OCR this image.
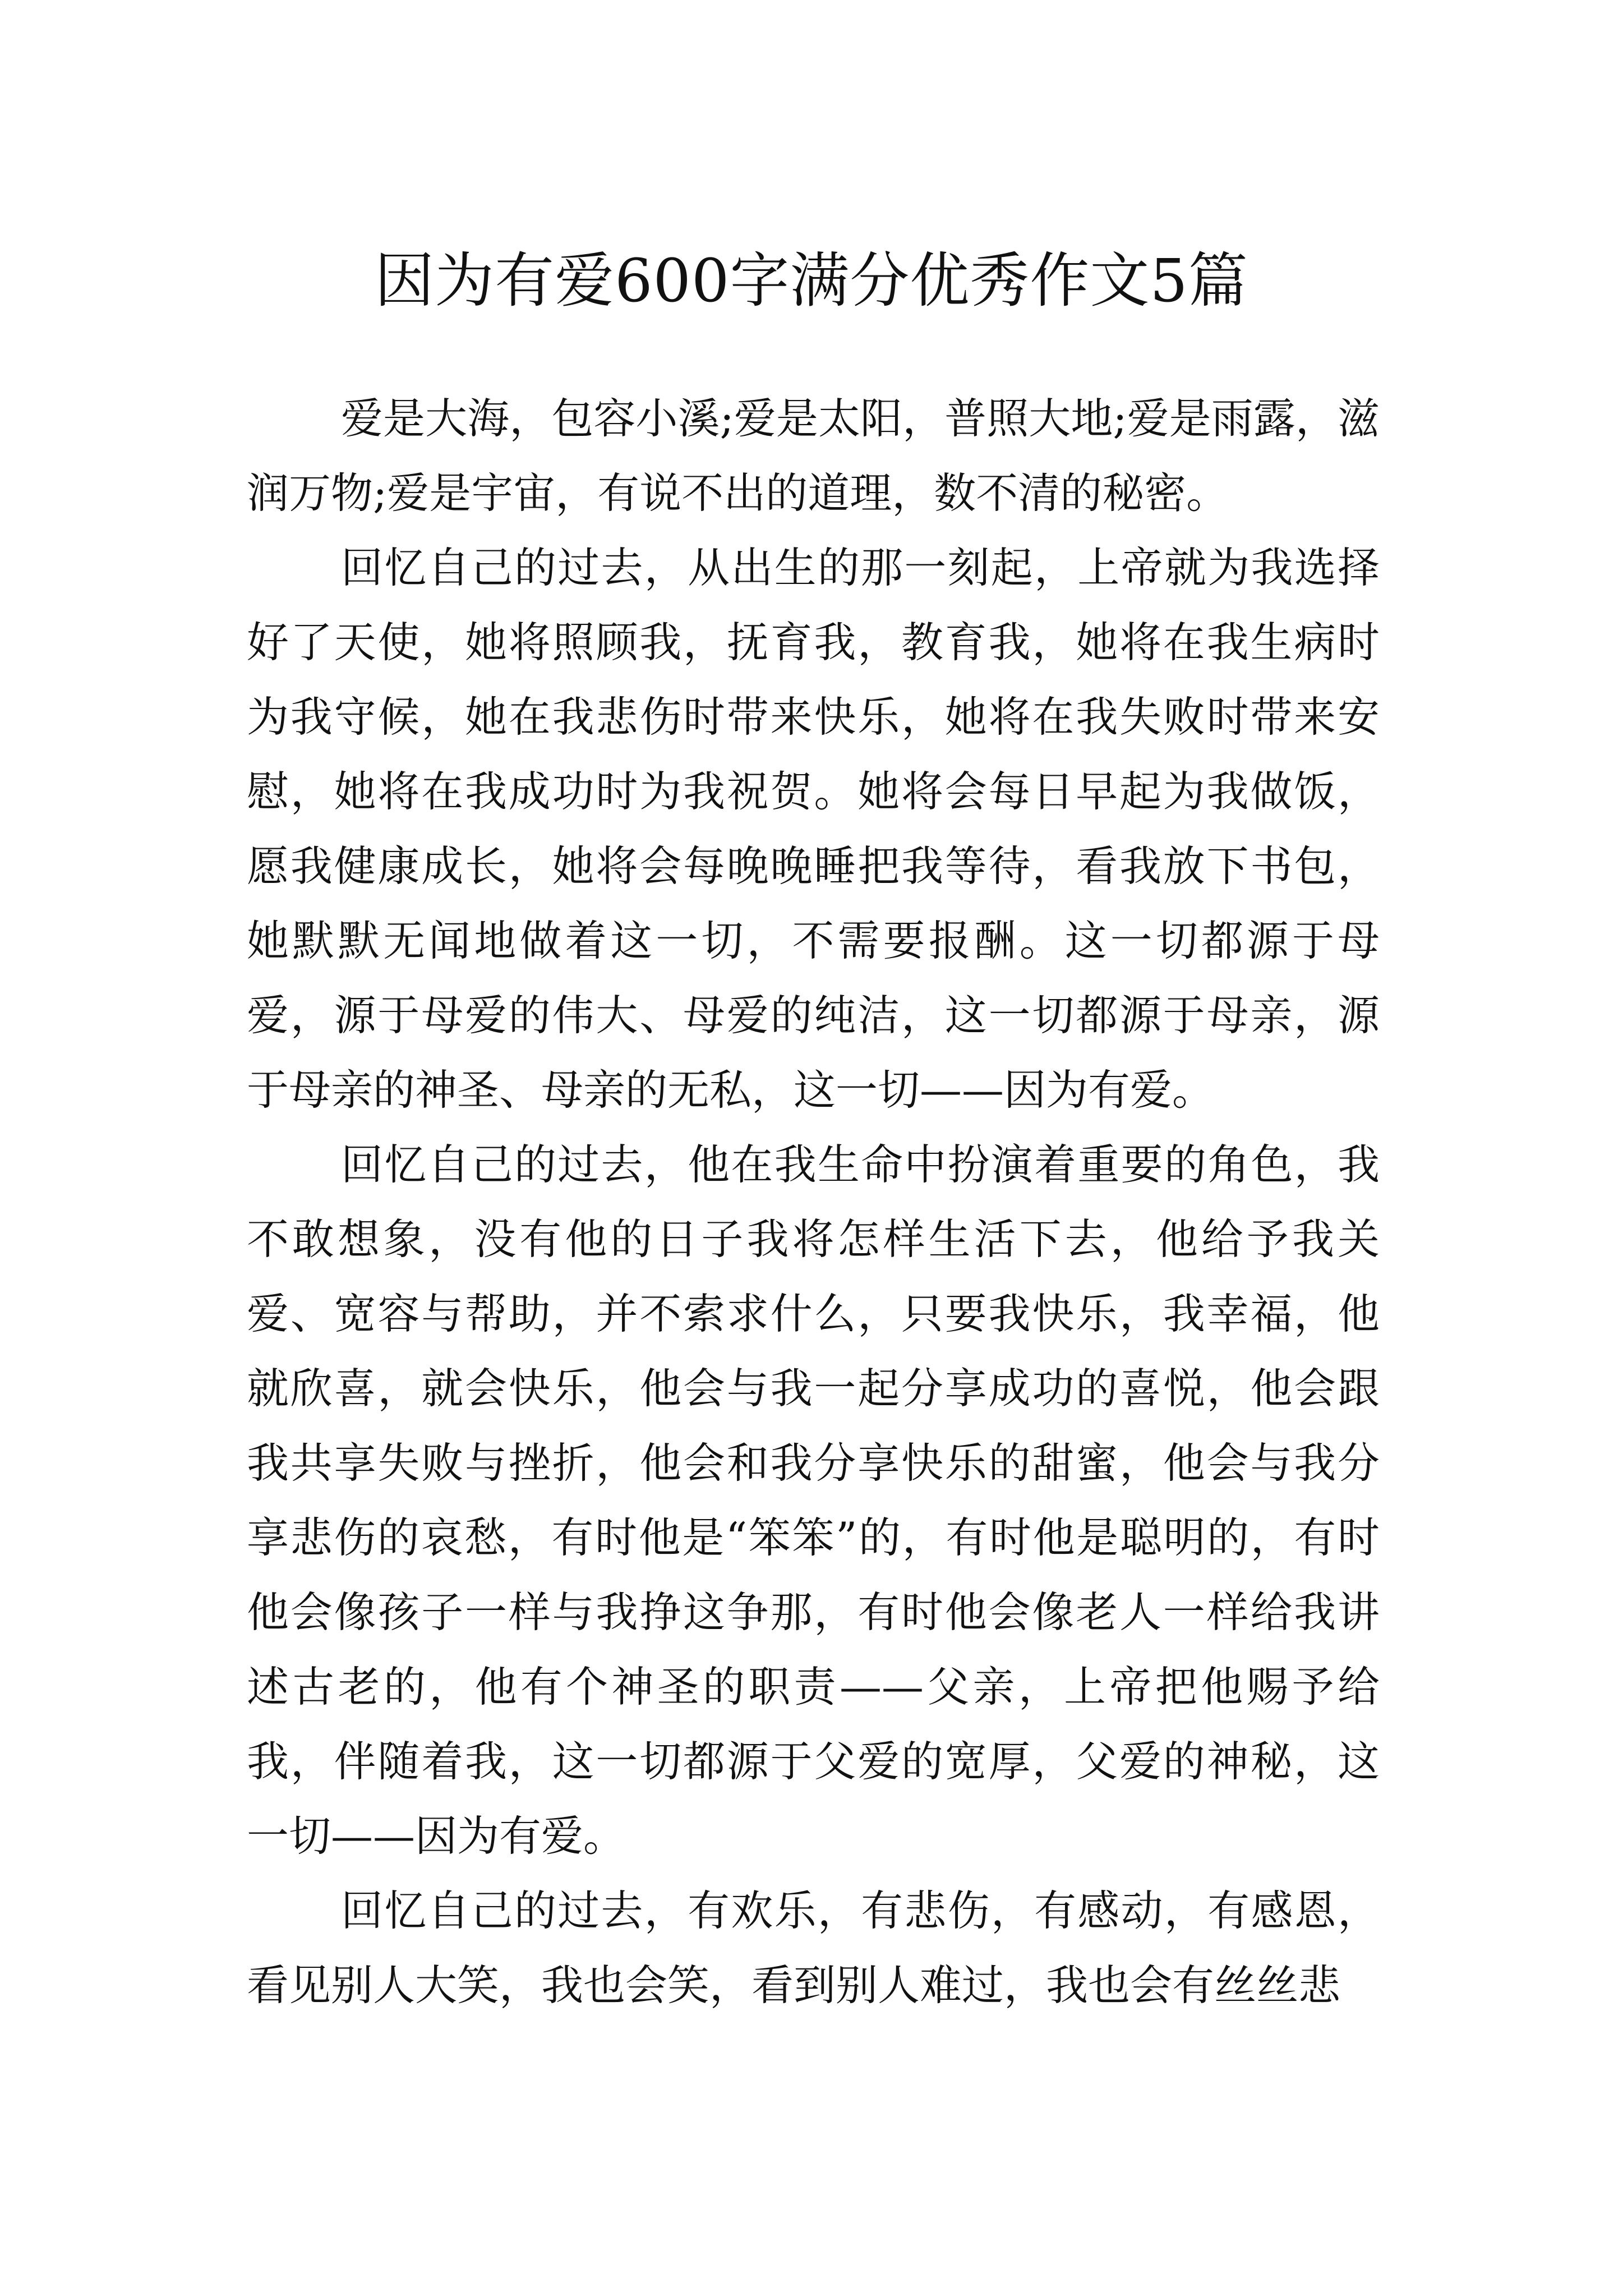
因为有爱600字满分优秀作文5篇

爱是大海，包容小溪;爱是太阳，普照大地;爱是雨露，滋润万物;爱是宇宙，有说不出的道理，数不清的秘密。

回忆自己的过去，从出生的那一刻起，上帝就为我选择好了天使，她将照顾我，抚育我，教育我，她将在我生病时为我守候，她在我悲伤时带来快乐，她将在我失败时带来安慰，她将在我成功时为我祝贺。她将会每日早起为我做饭，愿我健康成长，她将会每晚晚睡把我等待，看我放下书包，她默默无闻地做着这一切，不需要报酬。这一切都源于母爱，源于母爱的伟大、母爱的纯洁，这一切都源于母亲，源于母亲的神圣、母亲的无私，这一切——因为有爱。

回忆自己的过去，他在我生命中扮演着重要的角色，我不敢想象，没有他的日子我将怎样生活下去，他给予我关爱、宽容与帮助，并不索求什么，只要我快乐，我幸福，他就欣喜，就会快乐，他会与我一起分享成功的喜悦，他会跟我共享失败与挫折，他会和我分享快乐的甜蜜，他会与我分享悲伤的哀愁，有时他是“笨笨”的，有时他是聪明的，有时他会像孩子一样与我挣这争那，有时他会像老人一样给我讲述古老的，他有个神圣的职责——父亲，上帝把他赐予给我，伴随着我，这一切都源于父爱的宽厚，父爱的神秘，这一切——因为有爱。

回忆自己的过去，有欢乐，有悲伤，有感动，有感恩，看见别人大笑，我也会笑，看到别人难过，我也会有丝丝悲
